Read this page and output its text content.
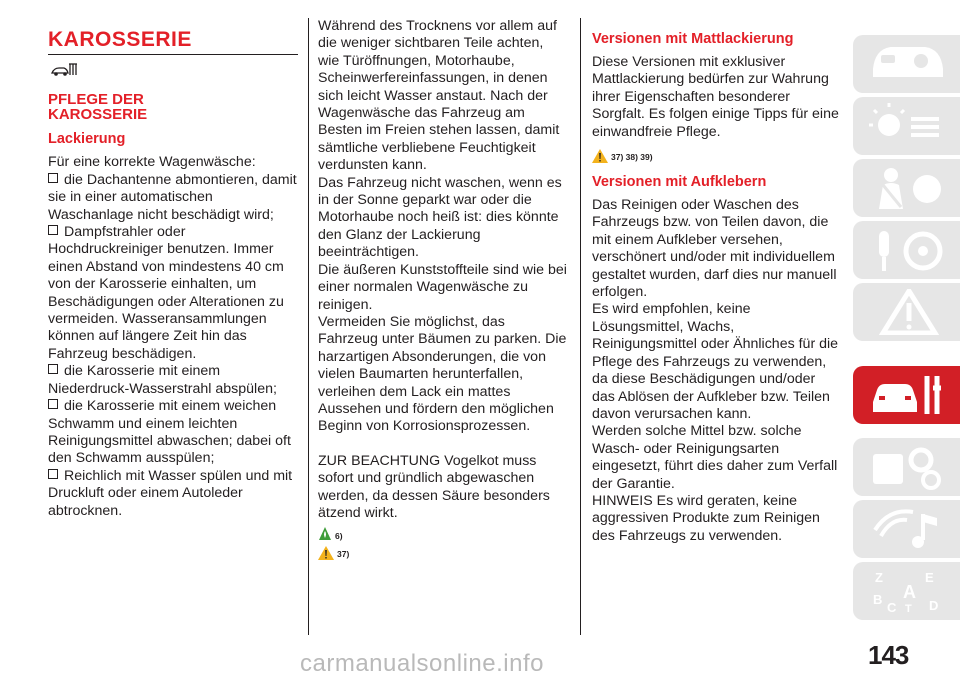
KAROSSERIE
PFLEGE DER
KAROSSERIE
Lackierung

Für eine korrekte Wagenwäsche:

die Dachantenne abmontieren, damit sie in einer automatischen Waschanlage nicht beschädigt wird;

Dampfstrahler oder Hochdruckreiniger benutzen. Immer einen Abstand von mindestens 40 cm von der Karosserie einhalten, um Beschädigungen oder Alterationen zu vermeiden. Wasseransammlungen können auf längere Zeit hin das Fahrzeug beschädigen.

die Karosserie mit einem Niederdruck-Wasserstrahl abspülen;

die Karosserie mit einem weichen Schwamm und einem leichten Reinigungsmittel abwaschen; dabei oft den Schwamm ausspülen;

Reichlich mit Wasser spülen und mit Druckluft oder einem Autoleder abtrocknen.

Während des Trocknens vor allem auf die weniger sichtbaren Teile achten, wie Türöffnungen, Motorhaube, Scheinwerfereinfassungen, in denen sich leicht Wasser anstaut. Nach der Wagenwäsche das Fahrzeug am Besten im Freien stehen lassen, damit sämtliche verbliebene Feuchtigkeit verdunsten kann.

Das Fahrzeug nicht waschen, wenn es in der Sonne geparkt war oder die Motorhaube noch heiß ist: dies könnte den Glanz der Lackierung beeinträchtigen.

Die äußeren Kunststoffteile sind wie bei einer normalen Wagenwäsche zu reinigen.

Vermeiden Sie möglichst, das Fahrzeug unter Bäumen zu parken. Die harzartigen Absonderungen, die von vielen Baumarten herunterfallen, verleihen dem Lack ein mattes Aussehen und fördern den möglichen Beginn von Korrosionsprozessen.

ZUR BEACHTUNG Vogelkot muss sofort und gründlich abgewaschen werden, da dessen Säure besonders ätzend wirkt.

6)
37)
Versionen mit Mattlackierung

Diese Versionen mit exklusiver Mattlackierung bedürfen zur Wahrung ihrer Eigenschaften besonderer Sorgfalt. Es folgen einige Tipps für eine einwandfreie Pflege.

37) 38) 39)
Versionen mit Aufklebern

Das Reinigen oder Waschen des Fahrzeugs bzw. von Teilen davon, die mit einem Aufkleber versehen, verschönert und/oder mit individuellem gestaltet wurden, darf dies nur manuell erfolgen.

Es wird empfohlen, keine Lösungsmittel, Wachs, Reinigungsmittel oder Ähnliches für die Pflege des Fahrzeugs zu verwenden, da diese Beschädigungen und/oder das Ablösen der Aufkleber bzw. Teilen davon verursachen kann.

Werden solche Mittel bzw. solche Wasch- oder Reinigungsarten eingesetzt, führt dies daher zum Verfall der Garantie.

HINWEIS Es wird geraten, keine aggressiven Produkte zum Reinigen des Fahrzeugs zu verwenden.

Z	E
A
B
C T D
143
carmanualsonline.info
